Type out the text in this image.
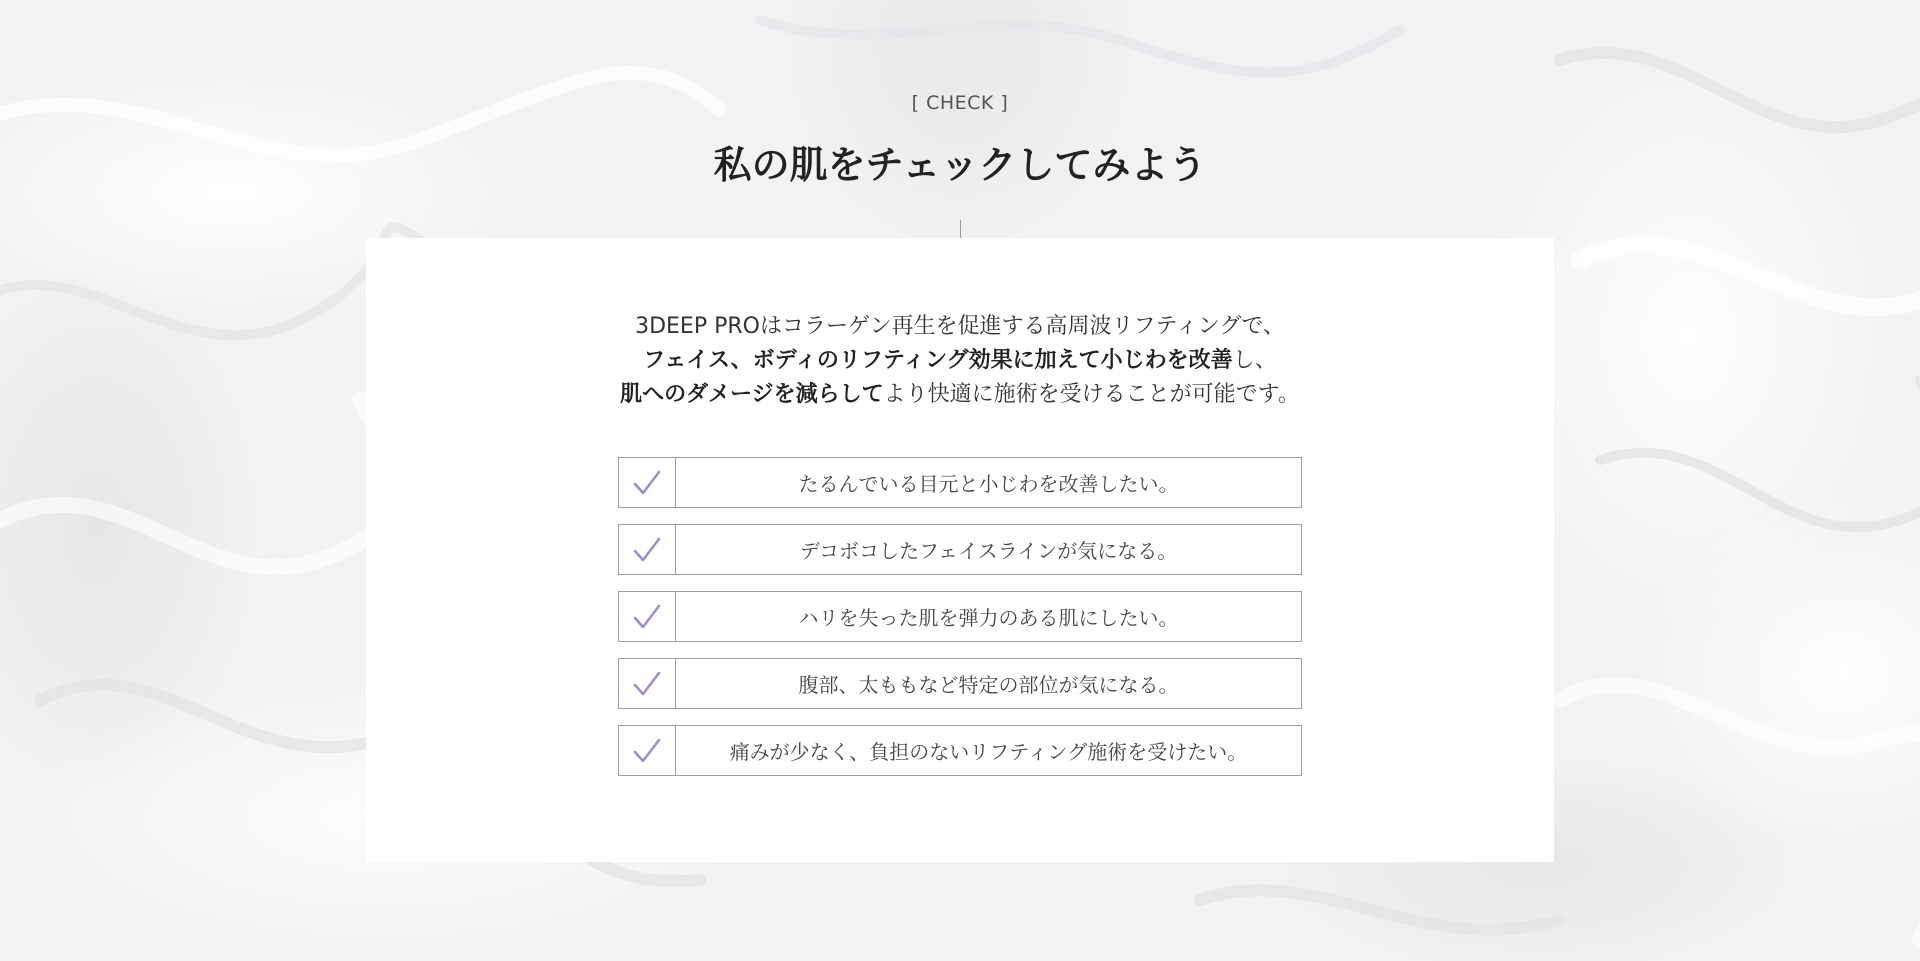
[ CHECK ]
私の肌をチェックしてみよう
3DEEP PROはコラーゲン再生を促進する高周波リフティングで、
フェイス、ボディのリフティング効果に加えて小じわを改善し、
肌へのダメージを減らしてより快適に施術を受けることが可能です。
たるんでいる目元と小じわを改善したい。
デコボコしたフェイスラインが気になる。
ハリを失った肌を弾力のある肌にしたい。
腹部、太ももなど特定の部位が気になる。
痛みが少なく、負担のないリフティング施術を受けたい。
